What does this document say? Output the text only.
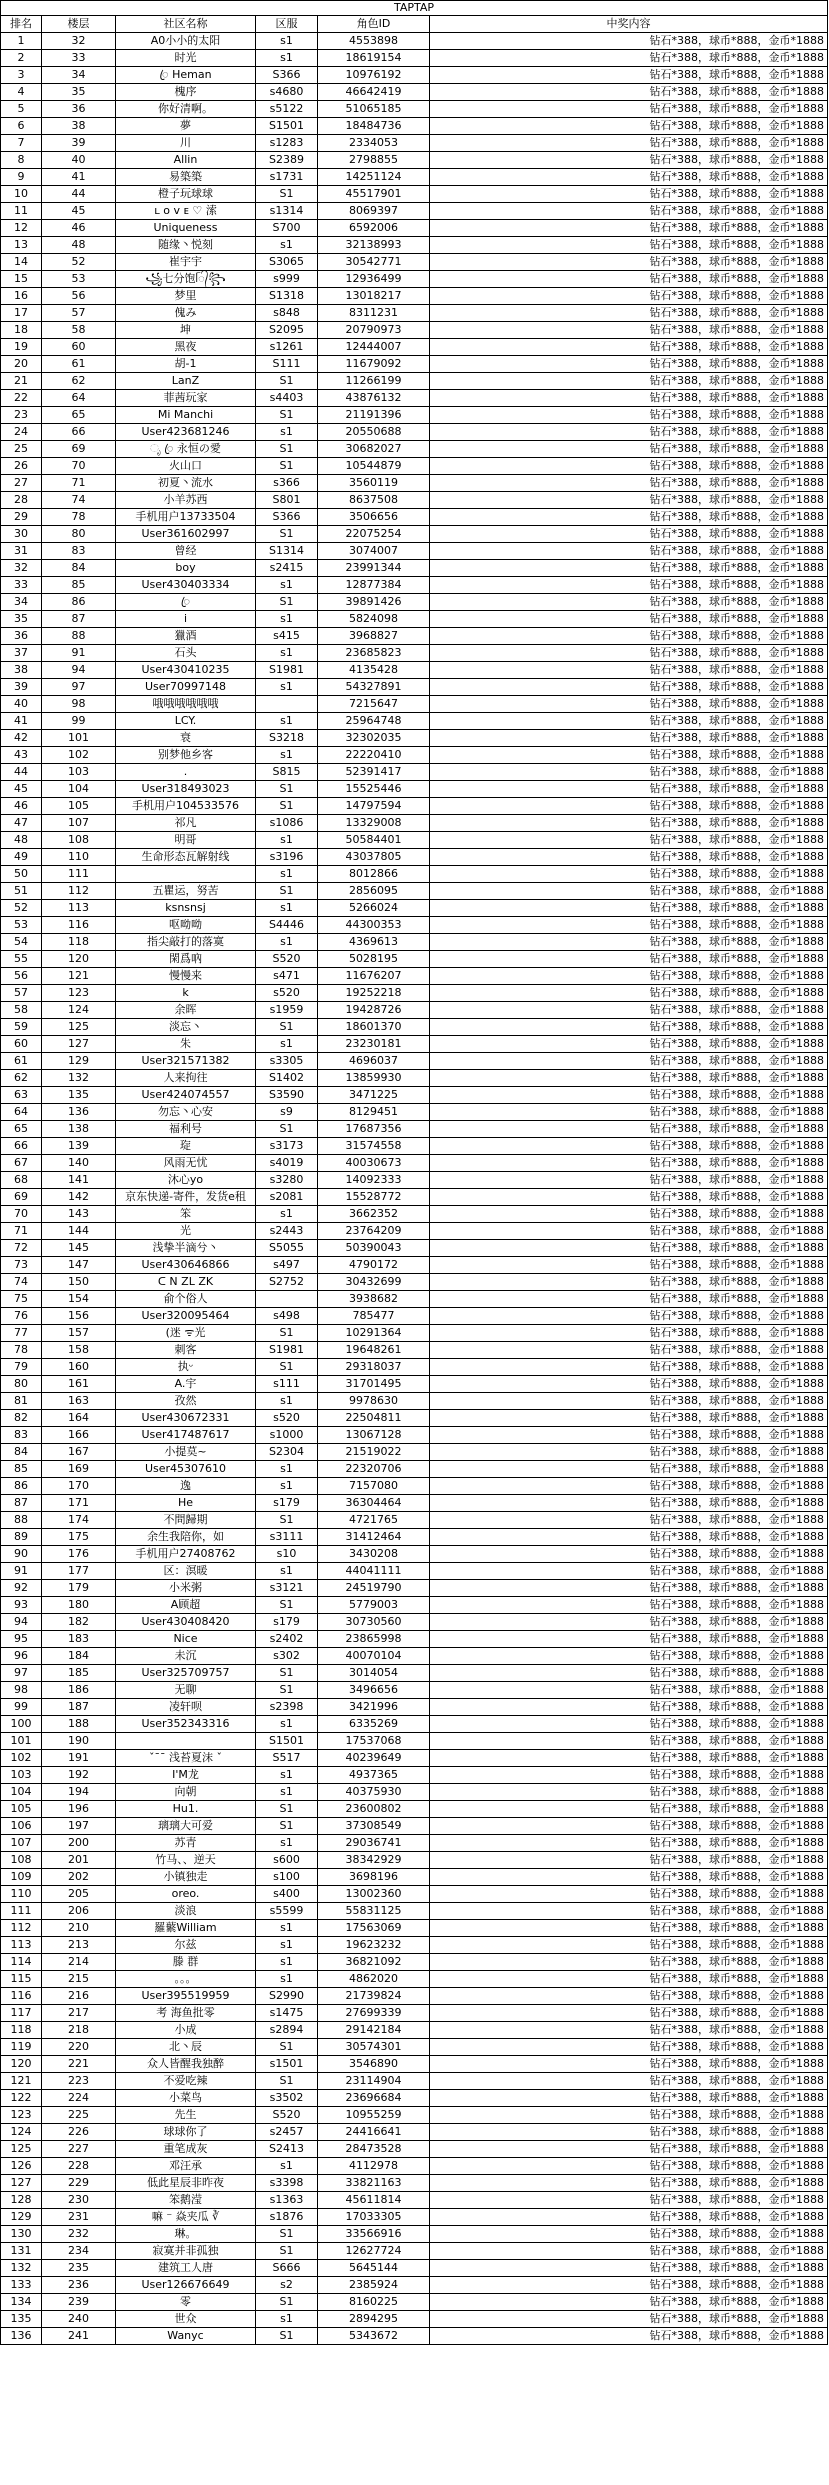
TAPTAP					
排名	楼层	社区名称	区服	角色ID	中奖内容
1	32	A0小小的太阳	s1	4553898	钻石*388，球币*888，金币*1888
2	33	时光	s1	18619154	钻石*388，球币*888，金币*1888
3	34	ꦿ Heman	S366	10976192	钻石*388，球币*888，金币*1888
4	35	槐序	s4680	46642419	钻石*388，球币*888，金币*1888
5	36	你好清啊。	s5122	51065185	钻石*388，球币*888，金币*1888
6	38	夢	S1501	18484736	钻石*388，球币*888，金币*1888
7	39	川	s1283	2334053	钻石*388，球币*888，金币*1888
8	40	Allin	S2389	2798855	钻石*388，球币*888，金币*1888
9	41	易築築	s1731	14251124	钻石*388，球币*888，金币*1888
10	44	橙子玩球球	S1	45517901	钻石*388，球币*888，金币*1888
11	45	ʟ ᴏ ᴠ ᴇ ♡ 溹	s1314	8069397	钻石*388，球币*888，金币*1888
12	46	Uniqueness	S700	6592006	钻石*388，球币*888，金币*1888
13	48	随缘丶悦刻	s1	32138993	钻石*388，球币*888，金币*1888
14	52	崔宇宇	S3065	30542771	钻石*388，球币*888，金币*1888
15	53	꧁七分饱ᥬ᭄꧂	s999	12936499	钻石*388，球币*888，金币*1888
16	56	梦里	S1318	13018217	钻石*388，球币*888，金币*1888
17	57	傀み	s848	8311231	钻石*388，球币*888，金币*1888
18	58	坤	S2095	20790973	钻石*388，球币*888，金币*1888
19	60	黑夜	s1261	12444007	钻石*388，球币*888，金币*1888
20	61	胡-1	S111	11679092	钻石*388，球币*888，金币*1888
21	62	LanZ	S1	11266199	钻石*388，球币*888，金币*1888
22	64	菲茜玩家	s4403	43876132	钻石*388，球币*888，金币*1888
23	65	Mi Manchi	S1	21191396	钻石*388，球币*888，金币*1888
24	66	User423681246	s1	20550688	钻石*388，球币*888，金币*1888
25	69	ೃ ꦿ 永恒の愛	S1	30682027	钻石*388，球币*888，金币*1888
26	70	火山口	S1	10544879	钻石*388，球币*888，金币*1888
27	71	初夏丶流水	s366	3560119	钻石*388，球币*888，金币*1888
28	74	小羊苏西	S801	8637508	钻石*388，球币*888，金币*1888
29	78	手机用户13733504	S366	3506656	钻石*388，球币*888，金币*1888
30	80	User361602997	S1	22075254	钻石*388，球币*888，金币*1888
31	83	曾经	S1314	3074007	钻石*388，球币*888，金币*1888
32	84	boy	s2415	23991344	钻石*388，球币*888，金币*1888
33	85	User430403334	s1	12877384	钻石*388，球币*888，金币*1888
34	86	ꦿ	S1	39891426	钻石*388，球币*888，金币*1888
35	87	i	s1	5824098	钻石*388，球币*888，金币*1888
36	88	獵酒	s415	3968827	钻石*388，球币*888，金币*1888
37	91	石头	s1	23685823	钻石*388，球币*888，金币*1888
38	94	User430410235	S1981	4135428	钻石*388，球币*888，金币*1888
39	97	User70997148	s1	54327891	钻石*388，球币*888，金币*1888
40	98	哦哦哦哦哦哦		7215647	钻石*388，球币*888，金币*1888
41	99	LCY.	s1	25964748	钻石*388，球币*888，金币*1888
42	101	衰	S3218	32302035	钻石*388，球币*888，金币*1888
43	102	别梦他乡客	s1	22220410	钻石*388，球币*888，金币*1888
44	103	.	S815	52391417	钻石*388，球币*888，金币*1888
45	104	User318493023	S1	15525446	钻石*388，球币*888，金币*1888
46	105	手机用户104533576	S1	14797594	钻石*388，球币*888，金币*1888
47	107	祁凡	s1086	13329008	钻石*388，球币*888，金币*1888
48	108	明哥	s1	50584401	钻石*388，球币*888，金币*1888
49	110	生命形态瓦解射线	s3196	43037805	钻石*388，球币*888，金币*1888
50	111		s1	8012866	钻石*388，球币*888，金币*1888
51	112	五瞿运，努苦	S1	2856095	钻石*388，球币*888，金币*1888
52	113	ksnsnsj	s1	5266024	钻石*388，球币*888，金币*1888
53	116	呕呦呦	S4446	44300353	钻石*388，球币*888，金币*1888
54	118	指尖敲打的落寞	s1	4369613	钻石*388，球币*888，金币*1888
55	120	閑爲吶	S520	5028195	钻石*388，球币*888，金币*1888
56	121	慢慢来	s471	11676207	钻石*388，球币*888，金币*1888
57	123	k	s520	19252218	钻石*388，球币*888，金币*1888
58	124	余晖	s1959	19428726	钻石*388，球币*888，金币*1888
59	125	淡忘丶	S1	18601370	钻石*388，球币*888，金币*1888
60	127	朱	s1	23230181	钻石*388，球币*888，金币*1888
61	129	User321571382	s3305	4696037	钻石*388，球币*888，金币*1888
62	132	人来拘往	S1402	13859930	钻石*388，球币*888，金币*1888
63	135	User424074557	S3590	3471225	钻石*388，球币*888，金币*1888
64	136	勿忘丶心安	s9	8129451	钻石*388，球币*888，金币*1888
65	138	福利号	S1	17687356	钻石*388，球币*888，金币*1888
66	139	琁	s3173	31574558	钻石*388，球币*888，金币*1888
67	140	风雨无忧	s4019	40030673	钻石*388，球币*888，金币*1888
68	141	沐心yo	s3280	14092333	钻石*388，球币*888，金币*1888
69	142	京东快递-寄件，发货e租	s2081	15528772	钻石*388，球币*888，金币*1888
70	143	笨	s1	3662352	钻石*388，球币*888，金币*1888
71	144	光	s2443	23764209	钻石*388，球币*888，金币*1888
72	145	浅挚半滴兮丶	S5055	50390043	钻石*388，球币*888，金币*1888
73	147	User430646866	s497	4790172	钻石*388，球币*888，金币*1888
74	150	ᑕ N ZL ZK	S2752	30432699	钻石*388，球币*888，金币*1888
75	154	俞个俗人		3938682	钻石*388，球币*888，金币*1888
76	156	User320095464	s498	785477	钻石*388，球币*888，金币*1888
77	157	(迷 ᯤ光	S1	10291364	钻石*388，球币*888，金币*1888
78	158	刺客	S1981	19648261	钻石*388，球币*888，金币*1888
79	160	执ᵕ	S1	29318037	钻石*388，球币*888，金币*1888
80	161	A.宇	s111	31701495	钻石*388，球币*888，金币*1888
81	163	孜然	s1	9978630	钻石*388，球币*888，金币*1888
82	164	User430672331	s520	22504811	钻石*388，球币*888，金币*1888
83	166	User417487617	s1000	13067128	钻石*388，球币*888，金币*1888
84	167	小提莫~	S2304	21519022	钻石*388，球币*888，金币*1888
85	169	User45307610	s1	22320706	钻石*388，球币*888，金币*1888
86	170	逸	s1	7157080	钻石*388，球币*888，金币*1888
87	171	He	s179	36304464	钻石*388，球币*888，金币*1888
88	174	不問歸期	S1	4721765	钻石*388，球币*888，金币*1888
89	175	余生我陪你，如	s3111	31412464	钻石*388，球币*888，金币*1888
90	176	手机用户27408762	s10	3430208	钻石*388，球币*888，金币*1888
91	177	区：溟暖	s1	44041111	钻石*388，球币*888，金币*1888
92	179	小米粥	s3121	24519790	钻石*388，球币*888，金币*1888
93	180	A顾超	S1	5779003	钻石*388，球币*888，金币*1888
94	182	User430408420	s179	30730560	钻石*388，球币*888，金币*1888
95	183	Nice	s2402	23865998	钻石*388，球币*888，金币*1888
96	184	未沉	s302	40070104	钻石*388，球币*888，金币*1888
97	185	User325709757	S1	3014054	钻石*388，球币*888，金币*1888
98	186	无聊	S1	3496656	钻石*388，球币*888，金币*1888
99	187	凌轩呗	s2398	3421996	钻石*388，球币*888，金币*1888
100	188	User352343316	s1	6335269	钻石*388，球币*888，金币*1888
101	190		S1501	17537068	钻石*388，球币*888，金币*1888
102	191	ˇ¯¯ 浅苔夏沫 ˇ	S517	40239649	钻石*388，球币*888，金币*1888
103	192	I'M龙	s1	4937365	钻石*388，球币*888，金币*1888
104	194	向朝	s1	40375930	钻石*388，球币*888，金币*1888
105	196	Hu1.	S1	23600802	钻石*388，球币*888，金币*1888
106	197	璃璃大可爱	S1	37308549	钻石*388，球币*888，金币*1888
107	200	苏青	s1	29036741	钻石*388，球币*888，金币*1888
108	201	竹马、、逆天	s600	38342929	钻石*388，球币*888，金币*1888
109	202	小镇独走	s100	3698196	钻石*388，球币*888，金币*1888
110	205	oreo.	s400	13002360	钻石*388，球币*888，金币*1888
111	206	淡浪	s5599	55831125	钻石*388，球币*888，金币*1888
112	210	羅蘩William	s1	17563069	钻石*388，球币*888，金币*1888
113	213	尔兹	s1	19623232	钻石*388，球币*888，金币*1888
114	214	滕 群	s1	36821092	钻石*388，球币*888，金币*1888
115	215	。。。	s1	4862020	钻石*388，球币*888，金币*1888
116	216	User395519959	S2990	21739824	钻石*388，球币*888，金币*1888
117	217	考 海鱼批零	s1475	27699339	钻石*388，球币*888，金币*1888
118	218	小成	s2894	29142184	钻石*388，球币*888，金币*1888
119	220	北丶辰	S1	30574301	钻石*388，球币*888，金币*1888
120	221	众人皆醒我独醉	s1501	3546890	钻石*388，球币*888，金币*1888
121	223	不爱吃辣	S1	23114904	钻石*388，球币*888，金币*1888
122	224	小菜鸟	s3502	23696684	钻石*388，球币*888，金币*1888
123	225	先生	S520	10955259	钻石*388，球币*888，金币*1888
124	226	球球你了	s2457	24416641	钻石*388，球币*888，金币*1888
125	227	重笔成灰	S2413	28473528	钻石*388，球币*888，金币*1888
126	228	邓汪承	s1	4112978	钻石*388，球币*888，金币*1888
127	229	低此星辰非昨夜	s3398	33821163	钻石*388，球币*888，金币*1888
128	230	笨鹅滢	s1363	45611814	钻石*388，球币*888，金币*1888
129	231	嘛 ⁻ 焱夹瓜 ∛	s1876	17033305	钻石*388，球币*888，金币*1888
130	232	琳。	S1	33566916	钻石*388，球币*888，金币*1888
131	234	寂寞并非孤独	S1	12627724	钻石*388，球币*888，金币*1888
132	235	建筑工人唐	S666	5645144	钻石*388，球币*888，金币*1888
133	236	User126676649	s2	2385924	钻石*388，球币*888，金币*1888
134	239	零	S1	8160225	钻石*388，球币*888，金币*1888
135	240	世众	s1	2894295	钻石*388，球币*888，金币*1888
136	241	Wanyc	S1	5343672	钻石*388，球币*888，金币*1888
